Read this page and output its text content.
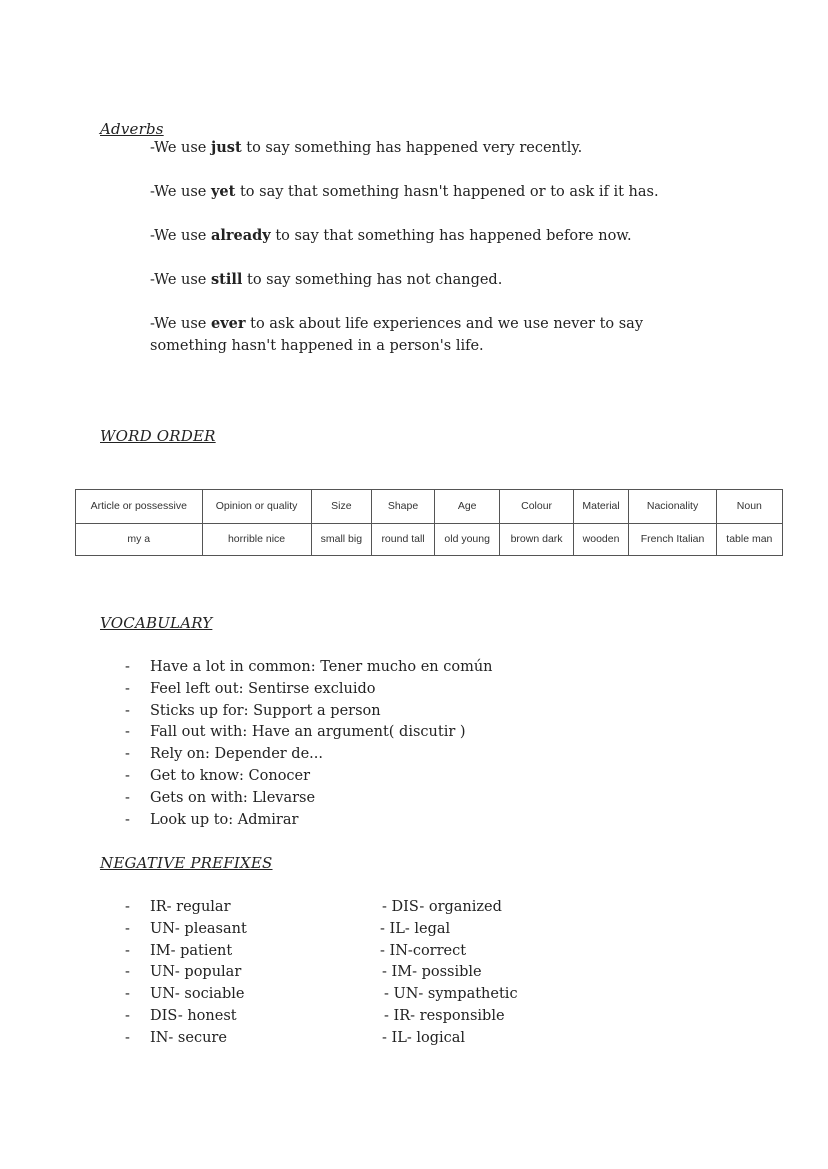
Adverbs
-We use just to say something has happened very recently.
-We use yet to say that something hasn't happened or to ask if it has.
-We use already to say that something has happened before now.
-We use still to say something has not changed.
-We use ever to ask about life experiences and we use never to say something hasn't happened in a person's life.
WORD ORDER
Article or possessive	Opinion or quality	Size	Shape	Age	Colour	Material	Nacionality	Noun
my a	horrible nice	small big	round tall	old young	brown dark	wooden	French Italian	table man
VOCABULARY
- Have a lot in common: Tener mucho en común
- Feel left out: Sentirse excluido
- Sticks up for: Support a person
- Fall out with: Have an argument( discutir )
- Rely on: Depender de...
- Get to know: Conocer
- Gets on with: Llevarse
- Look up to: Admirar
NEGATIVE PREFIXES
- IR- regular
- UN- pleasant
- IM- patient
- UN- popular
- UN- sociable
- DIS- honest
- IN- secure
- DIS- organized
- IL- legal
- IN-correct
- IM- possible
- UN- sympathetic
- IR- responsible
- IL- logical
